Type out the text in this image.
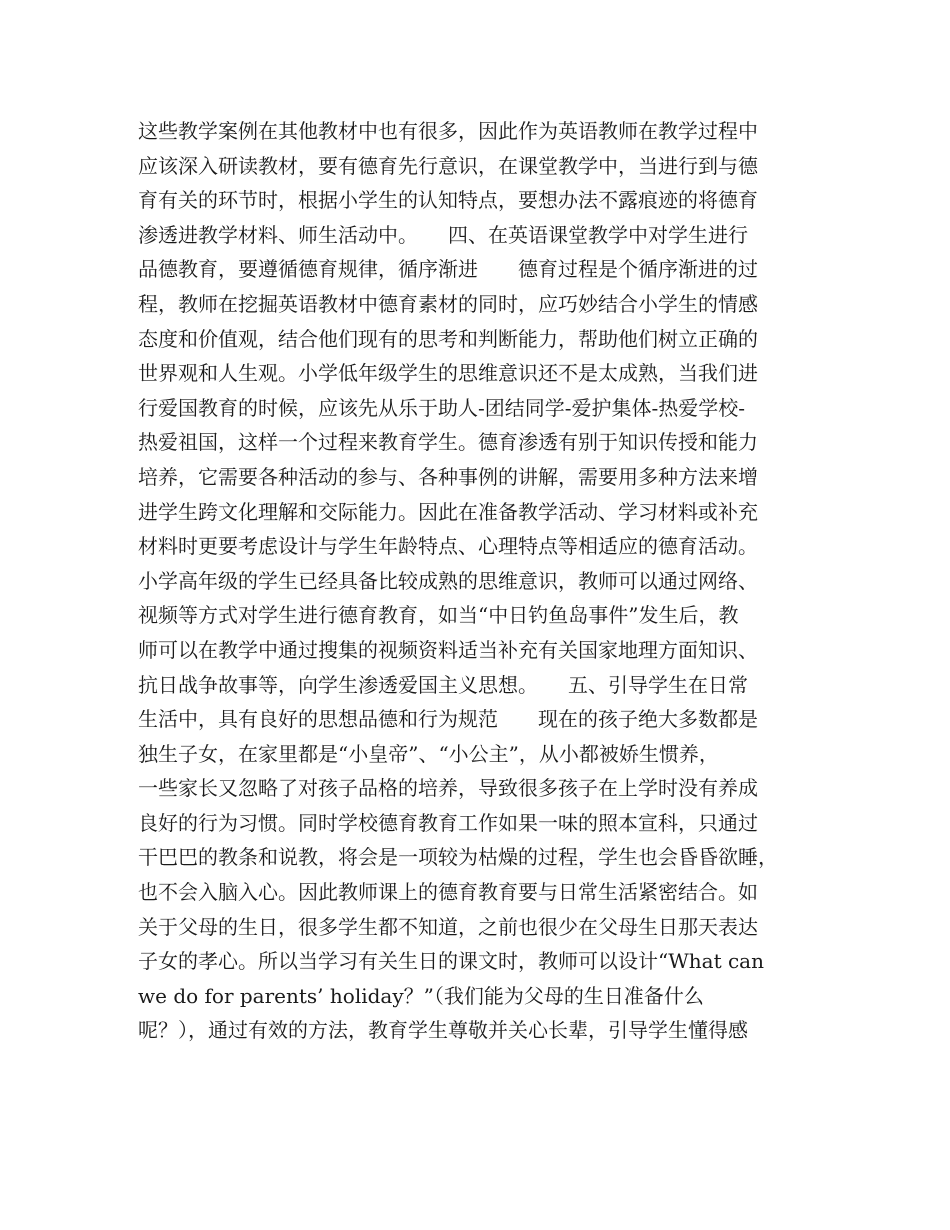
这些教学案例在其他教材中也有很多，因此作为英语教师在教学过程中
应该深入研读教材，要有德育先行意识，在课堂教学中，当进行到与德
育有关的环节时，根据小学生的认知特点，要想办法不露痕迹的将德育
渗透进教学材料、师生活动中。　　四、在英语课堂教学中对学生进行
品德教育，要遵循德育规律，循序渐进　　德育过程是个循序渐进的过
程，教师在挖掘英语教材中德育素材的同时，应巧妙结合小学生的情感
态度和价值观，结合他们现有的思考和判断能力，帮助他们树立正确的
世界观和人生观。小学低年级学生的思维意识还不是太成熟，当我们进
行爱国教育的时候，应该先从乐于助人-团结同学-爱护集体-热爱学校-
热爱祖国，这样一个过程来教育学生。德育渗透有别于知识传授和能力
培养，它需要各种活动的参与、各种事例的讲解，需要用多种方法来增
进学生跨文化理解和交际能力。因此在准备教学活动、学习材料或补充
材料时更要考虑设计与学生年龄特点、心理特点等相适应的德育活动。
小学高年级的学生已经具备比较成熟的思维意识，教师可以通过网络、
视频等方式对学生进行德育教育，如当“中日钓鱼岛事件”发生后，教
师可以在教学中通过搜集的视频资料适当补充有关国家地理方面知识、
抗日战争故事等，向学生渗透爱国主义思想。　　五、引导学生在日常
生活中，具有良好的思想品德和行为规范　　现在的孩子绝大多数都是
独生子女，在家里都是“小皇帝”、“小公主”，从小都被娇生惯养，
一些家长又忽略了对孩子品格的培养，导致很多孩子在上学时没有养成
良好的行为习惯。同时学校德育教育工作如果一味的照本宣科，只通过
干巴巴的教条和说教，将会是一项较为枯燥的过程，学生也会昏昏欲睡，
也不会入脑入心。因此教师课上的德育教育要与日常生活紧密结合。如
关于父母的生日，很多学生都不知道，之前也很少在父母生日那天表达
子女的孝心。所以当学习有关生日的课文时，教师可以设计“What can
we do for parents’ holiday？”（我们能为父母的生日准备什么
呢？），通过有效的方法，教育学生尊敬并关心长辈，引导学生懂得感
